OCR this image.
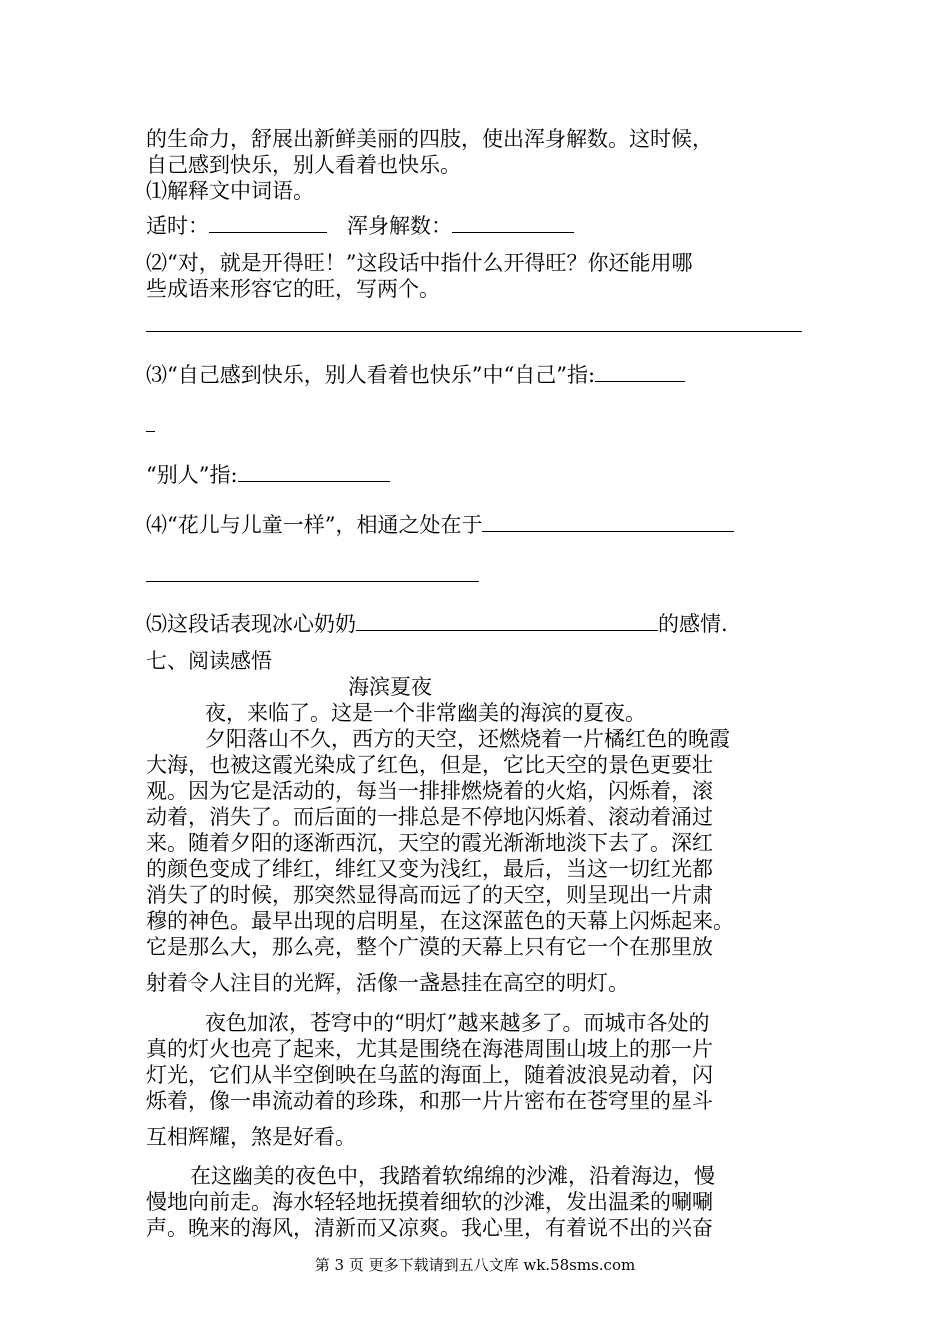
的生命力，舒展出新鲜美丽的四肢，使出浑身解数。这时候，
自己感到快乐，别人看着也快乐。
⑴解释文中词语。
适时：	浑身解数：
⑵“对，就是开得旺！”这段话中指什么开得旺？你还能用哪
些成语来形容它的旺，写两个。
⑶“自己感到快乐，别人看着也快乐”中“自己”指:
“别人”指:
⑷“花儿与儿童一样”，相通之处在于
⑸这段话表现冰心奶奶	的感情.
七、阅读感悟
海滨夏夜
夜，来临了。这是一个非常幽美的海滨的夏夜。
夕阳落山不久，西方的天空，还燃烧着一片橘红色的晚霞
大海，也被这霞光染成了红色，但是，它比天空的景色更要壮
观。因为它是活动的，每当一排排燃烧着的火焰，闪烁着，滚
动着，消失了。而后面的一排总是不停地闪烁着、滚动着涌过
来。随着夕阳的逐渐西沉，天空的霞光渐渐地淡下去了。深红
的颜色变成了绯红，绯红又变为浅红，最后，当这一切红光都
消失了的时候，那突然显得高而远了的天空，则呈现出一片肃
穆的神色。最早出现的启明星，在这深蓝色的天幕上闪烁起来。
它是那么大，那么亮，整个广漠的天幕上只有它一个在那里放
射着令人注目的光辉，活像一盏悬挂在高空的明灯。
夜色加浓，苍穹中的“明灯”越来越多了。而城市各处的
真的灯火也亮了起来，尤其是围绕在海港周围山坡上的那一片
灯光，它们从半空倒映在乌蓝的海面上，随着波浪晃动着，闪
烁着，像一串流动着的珍珠，和那一片片密布在苍穹里的星斗
互相辉耀，煞是好看。
在这幽美的夜色中，我踏着软绵绵的沙滩，沿着海边，慢
慢地向前走。海水轻轻地抚摸着细软的沙滩，发出温柔的唰唰
声。晚来的海风，清新而又凉爽。我心里，有着说不出的兴奋
第 3 页 更多下载请到五八文库 wk.58sms.com
